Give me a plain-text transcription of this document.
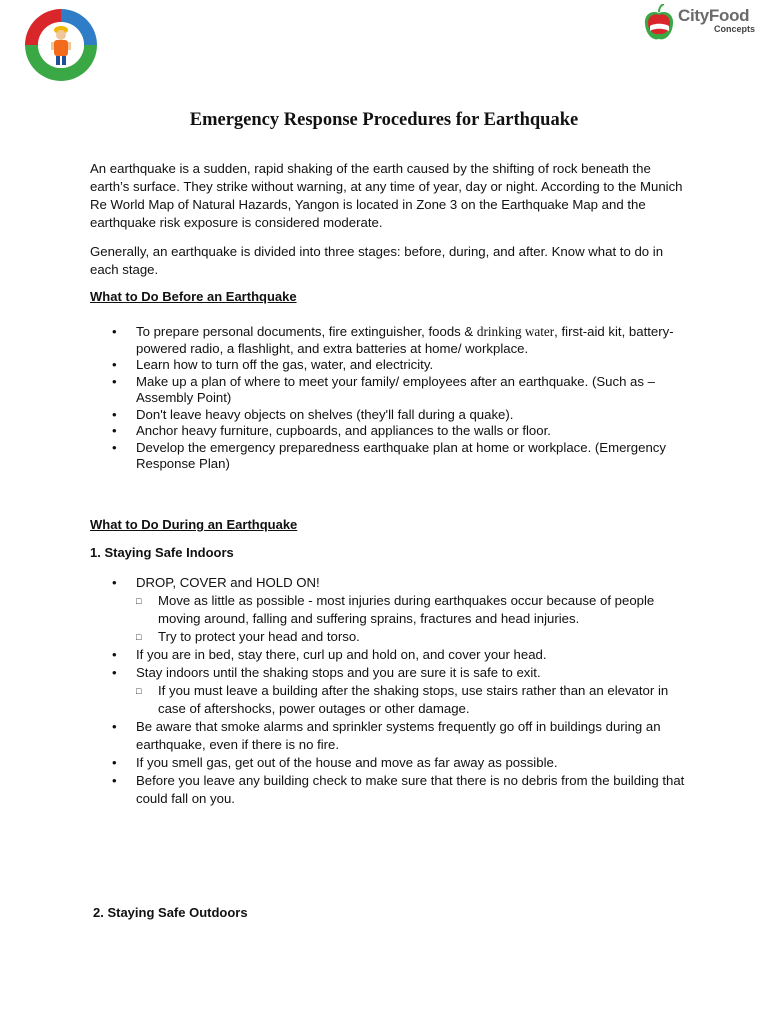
CityFood
Concepts
Emergency Response Procedures for Earthquake

An earthquake is a sudden, rapid shaking of the earth caused by the shifting of rock beneath the earth’s surface. They strike without warning, at any time of year, day or night. According to the Munich Re World Map of Natural Hazards, Yangon is located in Zone 3 on the Earthquake Map and the earthquake risk exposure is considered moderate.

Generally, an earthquake is divided into three stages: before, during, and after. Know what to do in each stage.

What to Do Before an Earthquake

• To prepare personal documents, fire extinguisher, foods & drinking water, first-aid kit, battery-powered radio, a flashlight, and extra batteries at home/ workplace.
• Learn how to turn off the gas, water, and electricity.
• Make up a plan of where to meet your family/ employees after an earthquake. (Such as – Assembly Point)
• Don't leave heavy objects on shelves (they'll fall during a quake).
• Anchor heavy furniture, cupboards, and appliances to the walls or floor.
• Develop the emergency preparedness earthquake plan at home or workplace. (Emergency Response Plan)

What to Do During an Earthquake

1. Staying Safe Indoors

• DROP, COVER and HOLD ON!
□ Move as little as possible - most injuries during earthquakes occur because of people moving around, falling and suffering sprains, fractures and head injuries.
□ Try to protect your head and torso.
• If you are in bed, stay there, curl up and hold on, and cover your head.
• Stay indoors until the shaking stops and you are sure it is safe to exit.
□ If you must leave a building after the shaking stops, use stairs rather than an elevator in case of aftershocks, power outages or other damage.
• Be aware that smoke alarms and sprinkler systems frequently go off in buildings during an earthquake, even if there is no fire.
• If you smell gas, get out of the house and move as far away as possible.
• Before you leave any building check to make sure that there is no debris from the building that could fall on you.

2. Staying Safe Outdoors
